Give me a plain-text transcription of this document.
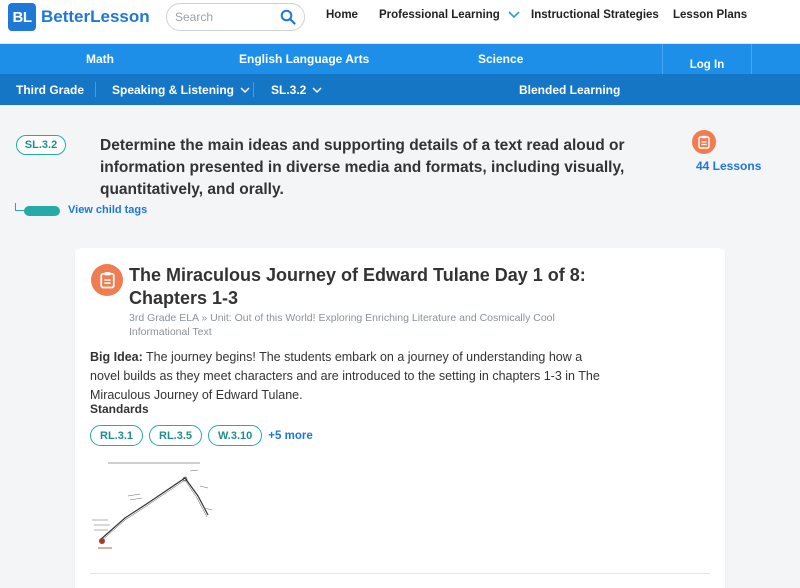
BL BetterLesson
Search	Home Professional Learning	Instructional Strategies Lesson Plans
Math	English Language Arts	Science	Log In
Third Grade Speaking & Listening	SL.3.2	Blended Learning
SL.3.2	Determine the main ideas and supporting details of a text read aloud or information presented in diverse media and formats, including visually, quantitatively, and orally.
44 Lessons
View child tags
The Miraculous Journey of Edward Tulane Day 1 of 8: Chapters 1-3
3rd Grade ELA » Unit: Out of this World! Exploring Enriching Literature and Cosmically Cool Informational Text
Big Idea: The journey begins! The students embark on a journey of understanding how a novel builds as they meet characters and are introduced to the setting in chapters 1-3 in The Miraculous Journey of Edward Tulane.
Standards
RL.3.1	RL.3.5	W.3.10	+5 more
